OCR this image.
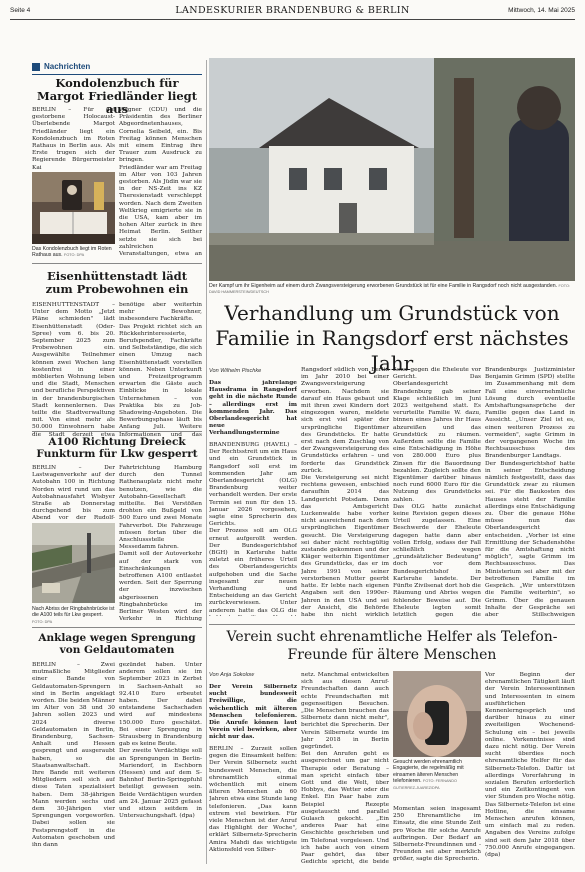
Seite 4	LANDESKURIER BRANDENBURG & BERLIN	Mittwoch, 14. Mai 2025
Nachrichten
Kondolenzbuch für Margot Friedländer liegt aus
BERLIN – Für die gestorbene Holocaust-Überlebende Margot Friedländer liegt ein Kondolenzbuch im Roten Rathaus in Berlin aus. Als Erste trugen sich der Regierende Bürgermeister Kai
Wegner (CDU) und die Präsidentin des Berliner Abgeordnetenhauses, Cornelia Seibeld, ein. Bis Freitag können Menschen mit einem Eintrag ihre Trauer zum Ausdruck zu bringen.
Friedländer war am Freitag im Alter von 103 Jahren gestorben. Als Jüdin war sie in der NS-Zeit ins KZ Theresienstadt verschleppt worden. Nach dem Zweiten Weltkrieg emigrierte sie in die USA, kam aber im hohen Alter zurück in ihre Heimat Berlin. Seither setzte sie sich bei zahlreichen Veranstaltungen, etwa an
Das Kondolenzbuch liegt im Roten Rathaus aus. FOTO: DPA
Eisenhüttenstadt lädt zum Probewohnen ein
EISENHÜTTENSTADT – Unter dem Motto „Jetzt Pläne schmieden" lädt Eisenhüttenstadt (Oder-Spree) vom 6. bis 20. September 2025 zum Probewohnen ein. Ausgewählte Teilnehmer können zwei Wochen lang kostenfrei in einer möblierten Wohnung leben und die Stadt, Menschen und berufliche Perspektiven in der brandenburgischen Stadt kennenlernen. Das teilte die Stadtverwaltung mit. Von einst mehr als 50.000 Einwohnern habe die Stadt derzeit etwa
benötige aber weiterhin mehr Bewohner, insbesondere Fachkräfte.
Das Projekt richtet sich an Rückkehrinteressierte, Berufspendler, Fachkräfte und Selbstständige, die sich einen Umzug nach Eisenhüttenstadt vorstellen können. Neben Unterkunft und Freizeitprogramm erwarten die Gäste auch Einblicke in lokale Unternehmen – von Praktika bis zu Job-Shadowing-Angeboten. Die Bewerbungsphase läuft bis Anfang Juli. Weitere Informationen und das
A100 Richtung Dreieck Funkturm für Lkw gesperrt
BERLIN – Der Lastwagenverkehr auf der Autobahn 100 in Richtung Norden wird rund um das Autobahnausfahrt Wisbyer Straße ab Donnerstag durchgehend bis zum Abend vor der Rudolf-
Fahrtrichtung Hamburg durch den Tunnel Rathenauplatz nicht mehr benutzen, wie die Autobahn-Gesellschaft mitteilte. Bei Verstößen drohten ein Bußgeld von 500 Euro und zwei Monate Fahrverbot. Die Fahrzeuge müssen fortan über die Anschlussstelle Messedamm fahren.
Damit soll der Autoverkehr auf der stark von Einschränkungen betroffenen A100 entlastet werden. Seit der Sperrung der inzwischen abgerissenen Ringbahnbrücke im Berliner Westen wird der Verkehr in Richtung
Nach Abriss der Ringbahnbrücke ist die A100 teils für Lkw gesperrt. FOTO: DPA
Anklage wegen Sprengung von Geldautomaten
BERLIN – Zwei mutmaßliche Mitglieder einer Bande von Geldautomaten-Sprengern sind in Berlin angeklagt worden. Die beiden Männer im Alter von 38 und 30 Jahren sollen 2023 und 2024 diverse Geldautomaten in Berlin, Brandenburg, Sachsen-Anhalt und Hessen gesprengt und ausgeraubt haben, so die Staatsanwaltschaft.
Ihre Bande mit weiteren Mitgliedern soll sich auf diese Taten spezialisiert haben. Dem 38-jährigen Mann werden sechs und dem 30-Jährigen vier Sprengungen vorgeworfen. Dabei sollen sie Festsprengstoff in die Automaten geschoben und ihn dann
gezündet haben. Unter anderem sollen sie im September 2023 in Zerbst in Sachsen-Anhalt so 92.410 Euro erbeutet haben. Der dabei entstandene Sachschaden wird auf mindestens 150.000 Euro geschätzt. Bei einer Sprengung in Strausberg in Brandenburg gab es keine Beute.
Der zweite Verdächtige soll an Sprengungen in Berlin-Mariendorf, in Eschborn (Hessen) und auf dem S-Bahnhof Berlin-Springpfuhl beteiligt gewesen sein. Beide Verdächtigen wurden am 24. Januar 2025 gefasst und sitzen seitdem in Untersuchungshaft. (dpa)
Der Kampf um ihr Eigenheim auf einem durch Zwangsversteigerung erworbenen Grundstück ist für eine Familie in Rangsdorf noch nicht ausgestanden. FOTO: DAVID HAMMERSTEIN/DEUTSCH
Verhandlung um Grundstück von Familie in Rangsdorf erst nächstes Jahr
Von Wilhelm Pischke
Das jahrelange Hausdrama in Rangsdorf geht in die nächste Runde – allerdings erst im kommenden Jahr. Das Oberlandesgericht hat neue Verhandlungstermine
BRANDENBURG (HAVEL) – Der Rechtsstreit um ein Haus und ein Grundstück in Rangsdorf soll erst im kommenden Jahr am Oberlandesgericht (OLG) Brandenburg weiter verhandelt werden. Der erste Termin sei nun für den 15. Januar 2026 vorgesehen, sagte eine Sprecherin des Gerichts.
Der Prozess soll am OLG erneut aufgerollt werden. Der Bundesgerichtshof (BGH) in Karlsruhe hatte zuletzt ein früheres Urteil des Oberlandesgerichts aufgehoben und die Sache insgesamt zur neuen Verhandlung und Entscheidung an das Gericht zurückverwiesen. Unter anderem hatte das OLG die

Rangsdorf südlich von Berlin im Jahr 2010 bei einer Zwangsversteigerung erworben. Nachdem sie darauf ein Haus gebaut und mit ihren zwei Kindern dort eingezogen waren, meldete sich erst viel später der ursprüngliche Eigentümer des Grundstücks. Er hatte erst nach dem Zuschlag von der Zwangsversteigerung des Grundstücks erfahren – und forderte das Grundstück zurück.
Die Versteigerung sei nicht rechtens gewesen, entschied daraufhin 2014 das Landgericht Potsdam. Denn das Amtsgericht Luckenwalde habe vorher nicht ausreichend nach dem ursprünglichen Eigentümer gesucht. Die Versteigerung sei daher nicht rechtsgültig zustande gekommen und der Kläger weiterhin Eigentümer des Grundstücks, das er im Jahre 1991 von seiner verstorbenen Mutter geerbt hatte. Er lebte nach eigenen Angaben seit den 1990er-Jahren in den USA und sei der Ansicht, die Behörde habe ihn nicht wirklich
ßend gegen die Eheleute vor Gericht. Das Oberlandesgericht Brandenburg gab seiner Klage schließlich im Juni 2023 weitgehend statt. Es verurteilte Familie W. dazu, binnen eines Jahres ihr Haus abzureißen und das Grundstück zu räumen. Außerdem sollte die Familie eine Entschädigung in Höhe von 280.000 Euro plus Zinsen für die Bauordnung bezahlen. Zugleich sollte den Eigentümer darüber hinaus noch rund 6000 Euro für die Nutzung des Grundstücks zahlen.
Das OLG hatte zunächst keine Revision gegen dieses Urteil zugelassen. Eine Beschwerde der Eheleute dagegen hatte dann aber vollen Erfolg, sodass der Fall schließlich wegen „grundsätzlicher Bedeutung" doch vor dem Bundesgerichtshof in Karlsruhe landete. Der Fünfte Zivilsenat dort hob die Räumung und Abriss wegen fehlender Beweise auf. Die Eheleute legten somit letztlich gegen die
Brandenburgs Justizminister Benjamin Grimm (SPD) stellte im Zusammenhang mit dem Fall eine einvernehmliche Lösung durch eventuelle Amtshaftungsansprüche der Familie gegen das Land in Aussicht. „Unser Ziel ist es, einen weiteren Prozess zu vermeiden", sagte Grimm in der vergangenen Woche im Rechtsausschuss des Brandenburger Landtags.
Der Bundesgerichtshof hatte in seiner Entscheidung nämlich festgestellt, dass das Grundstück zwar zu räumen sei. Für die Baukosten des Hauses steht der Familie allerdings eine Entschädigung zu. Über die genaue Höhe müsse nun das Oberlandesgericht entscheiden. „Vorher ist eine Ermittlung der Schadenshöhe für die Amtshaftung nicht möglich", sagte Grimm im Rechtsausschuss. Das Ministerium sei aber mit der betroffenen Familie im Gespräch. „Wir unterstützen die Familie weiterhin", so Grimm. Über die genauen Inhalte der Gespräche sei aber Stillschweigen
Verein sucht ehrenamtliche Helfer als Telefon-Freunde für ältere Menschen
Von Anja Sokolow
Der Verein Silbernetz sucht bundesweit Freiwillige, die wöchentlich mit älteren Menschen telefonieren. Die Anrufe können laut Verein viel bewirken, aber nicht nur das.
BERLIN – Zurzeit sollen gegen die Einsamkeit helfen: Der Verein Silbernetz sucht bundesweit Menschen, die ehrenamtlich einmal wöchentlich mit einem älteren Menschen ab 60 Jahren etwa eine Stunde lang telefonieren. „Das kann extrem viel bewirken. Für viele Menschen ist der Anruf das Highlight der Woche", erklärt Silbernetz-Sprecherin Amira Mahdi das wichtigste Aktionsfeld von Silber-
netz. Manchmal entwickelten sich aus diesen Anruf-Freundschaften dann auch echte Freundschaften mit gegenseitigen Besuchen. „Die Menschen brauchen das Silbernetz dann nicht mehr", berichtet die Sprecherin. Der Verein Silbernetz wurde im Jahr 2018 in Berlin gegründet.
Bei den Anrufen geht es ausgerechnet um gar nicht Therapie oder Beratung – man spricht einfach über Gott und die Welt, über Hobbys, das Wetter oder die Enkel. Ein Paar habe zum Beispiel Rezepte ausgetauscht und parallel Gulasch gekocht. „Ein anderes Paar hat eine Geschichte geschrieben und im Telefonat vorgelesen. Und ich habe auch von einem Paar gehört, das über Gedichte spricht, die beide
Gesucht werden ehrenamtlich Engagierte, die regelmäßig mit einsamen älteren Menschen telefonieren. FOTO: FERNANDO GUTIERREZ-JUAREZ/DPA
Momentan seien insgesamt 250 Ehrenamtliche im Einsatz, die eine Stunde Zeit pro Woche für solche Anrufe aufbringen. Der Bedarf an Silbernetz-Freundinnen und -Freunden sei aber merklich größer, sagte die Sprecherin.
Vor Beginn der ehrenamtlichen Tätigkeit läuft der Verein Interessentinnen und Interessenten in einem ausführlichen Kennenlerngespräch und darüber hinaus zu einer zweiteiligen Wochenend-Schulung ein – bei jeweils online. Vorkenntnisse sind dazu nicht nötig. Der Verein sucht überdies noch ehrenamtliche Helfer für das Silbernetz-Telefon. Dafür ist allerdings Vorerfahrung in sozialen Berufen erforderlich und ein Zeitkontingent von vier Stunden pro Woche nötig. Das Silbernetz-Telefon ist eine Hotline, die einsame Menschen anrufen können, um einfach mal zu reden. Angaben des Vereins zufolge sind seit dem Jahr 2018 über 750.000 Anrufe eingegangen. (dpa)
